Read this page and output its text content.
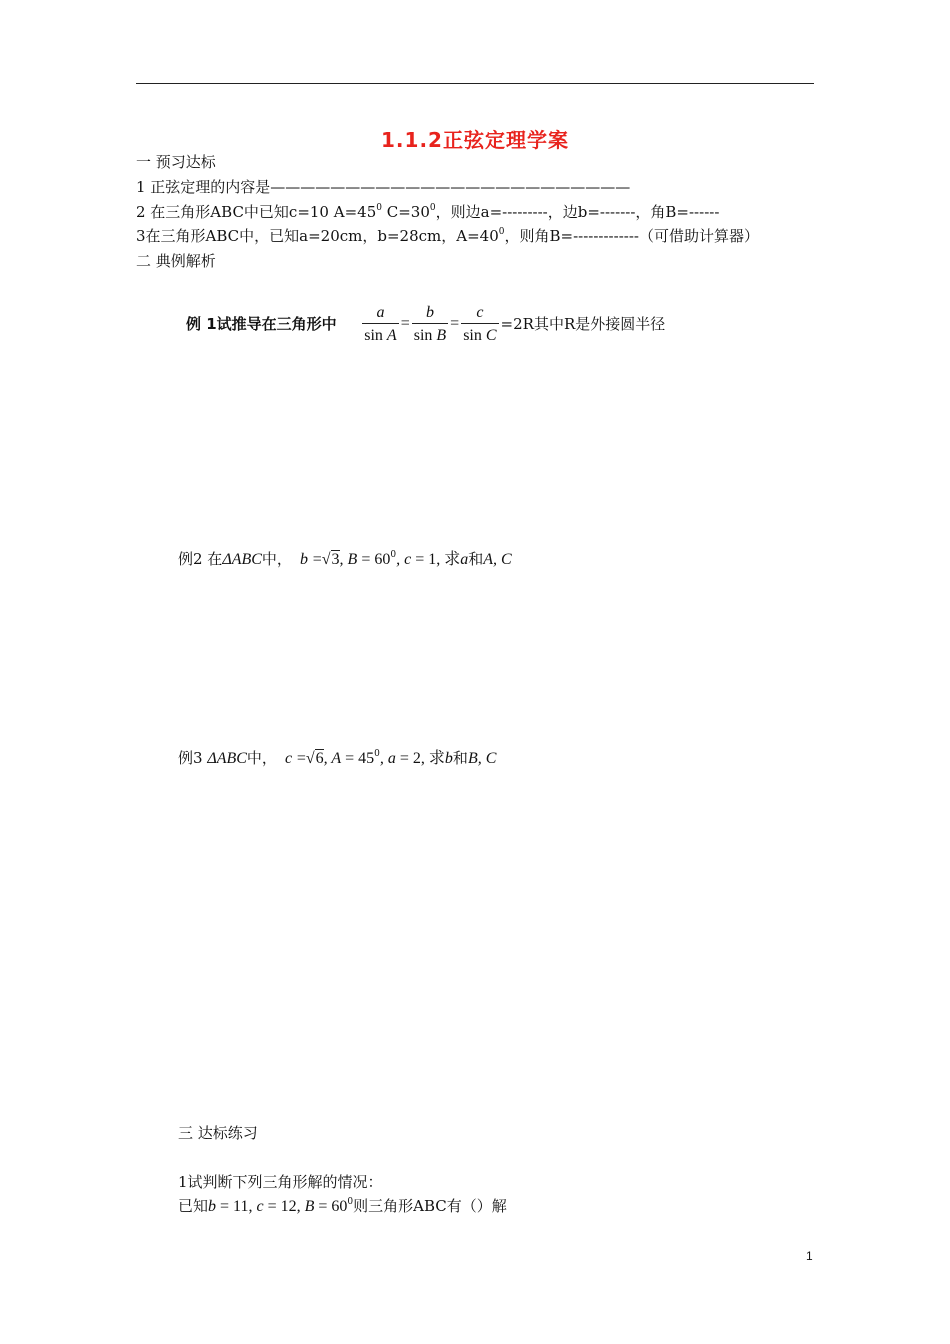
1.1.2正弦定理学案
一 预习达标
1 正弦定理的内容是————————————————————————
2 在三角形ABC中已知c=10 $A=45^0$ $C=30^0$，则边a=---------，边b=-------，角B=------
3在三角形ABC中，已知a=20cm，b=28cm，$A=40^0$，则角B=-------------（可借助计算器）
二 典例解析
例 1试推导在三角形中 $\frac{a}{\text{sin A}} = \frac{b}{\text{sin B}} = \frac{c}{\text{sin C}} =2R$其中R是外接圆半径
例2 在ΔABC中， b =√3, $B = 60^0$, c = 1, 求a和A, C
例3 ΔABC中， c =√6, $A = 45^0$, a = 2, 求b和B, C
三 达标练习
1试判断下列三角形解的情况：
已知b = 11, c = 12, $B = 60^0$则三角形ABC有（）解
1
